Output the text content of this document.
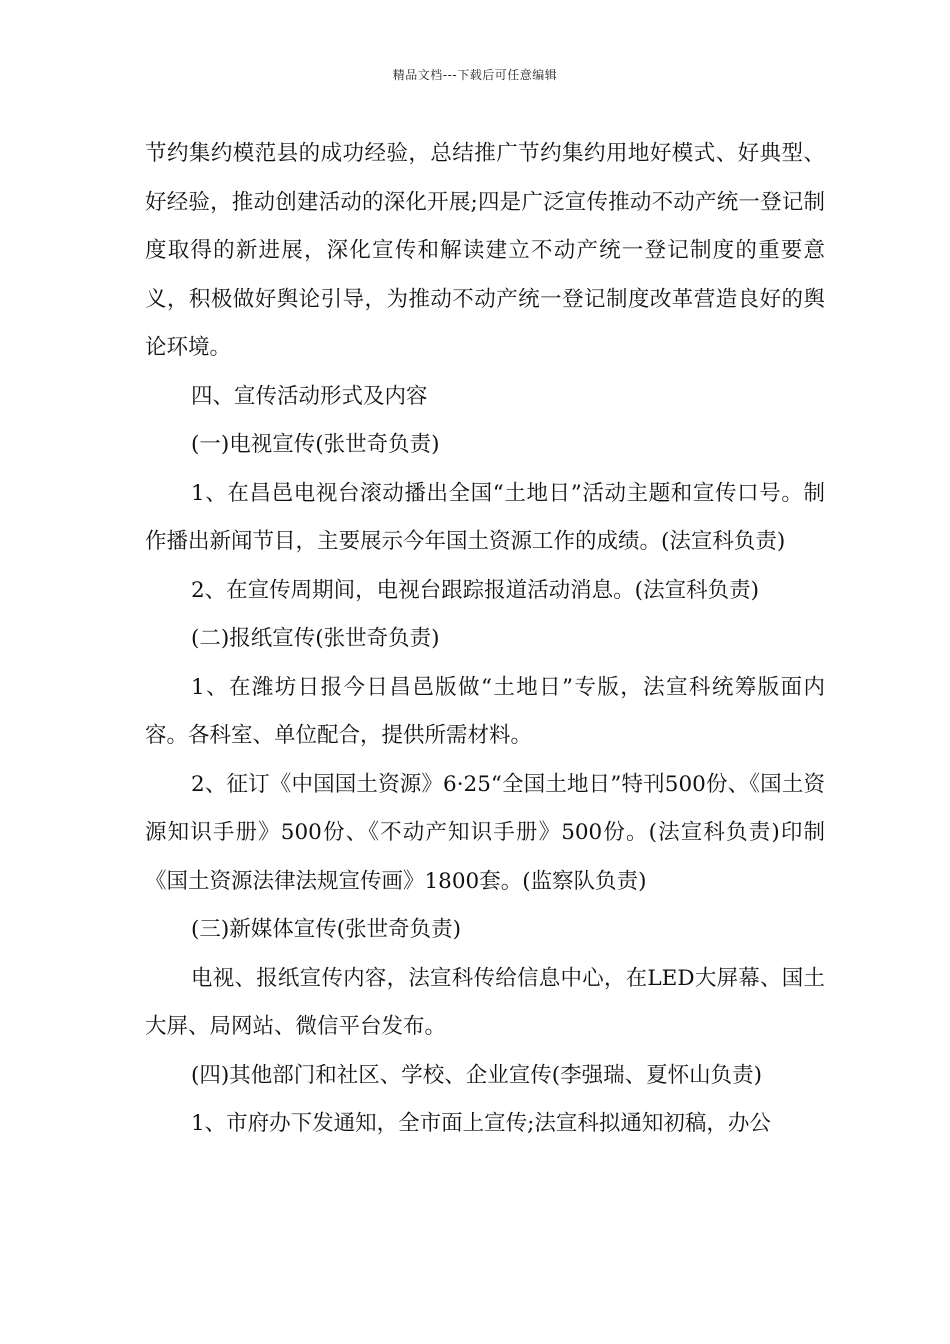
精品文档---下载后可任意编辑

节约集约模范县的成功经验，总结推广节约集约用地好模式、好典型、好经验，推动创建活动的深化开展;四是广泛宣传推动不动产统一登记制度取得的新进展，深化宣传和解读建立不动产统一登记制度的重要意义，积极做好舆论引导，为推动不动产统一登记制度改革营造良好的舆论环境。

四、宣传活动形式及内容

(一)电视宣传(张世奇负责)

1、在昌邑电视台滚动播出全国“土地日”活动主题和宣传口号。制作播出新闻节目，主要展示今年国土资源工作的成绩。(法宣科负责)

2、在宣传周期间，电视台跟踪报道活动消息。(法宣科负责)

(二)报纸宣传(张世奇负责)

1、在潍坊日报今日昌邑版做“土地日”专版，法宣科统筹版面内容。各科室、单位配合，提供所需材料。

2、征订《中国国土资源》6·25“全国土地日”特刊500份、《国土资源知识手册》500份、《不动产知识手册》500份。(法宣科负责)印制《国土资源法律法规宣传画》1800套。(监察队负责)

(三)新媒体宣传(张世奇负责)

电视、报纸宣传内容，法宣科传给信息中心，在LED大屏幕、国土大屏、局网站、微信平台发布。

(四)其他部门和社区、学校、企业宣传(李强瑞、夏怀山负责)

1、市府办下发通知，全市面上宣传;法宣科拟通知初稿，办公
